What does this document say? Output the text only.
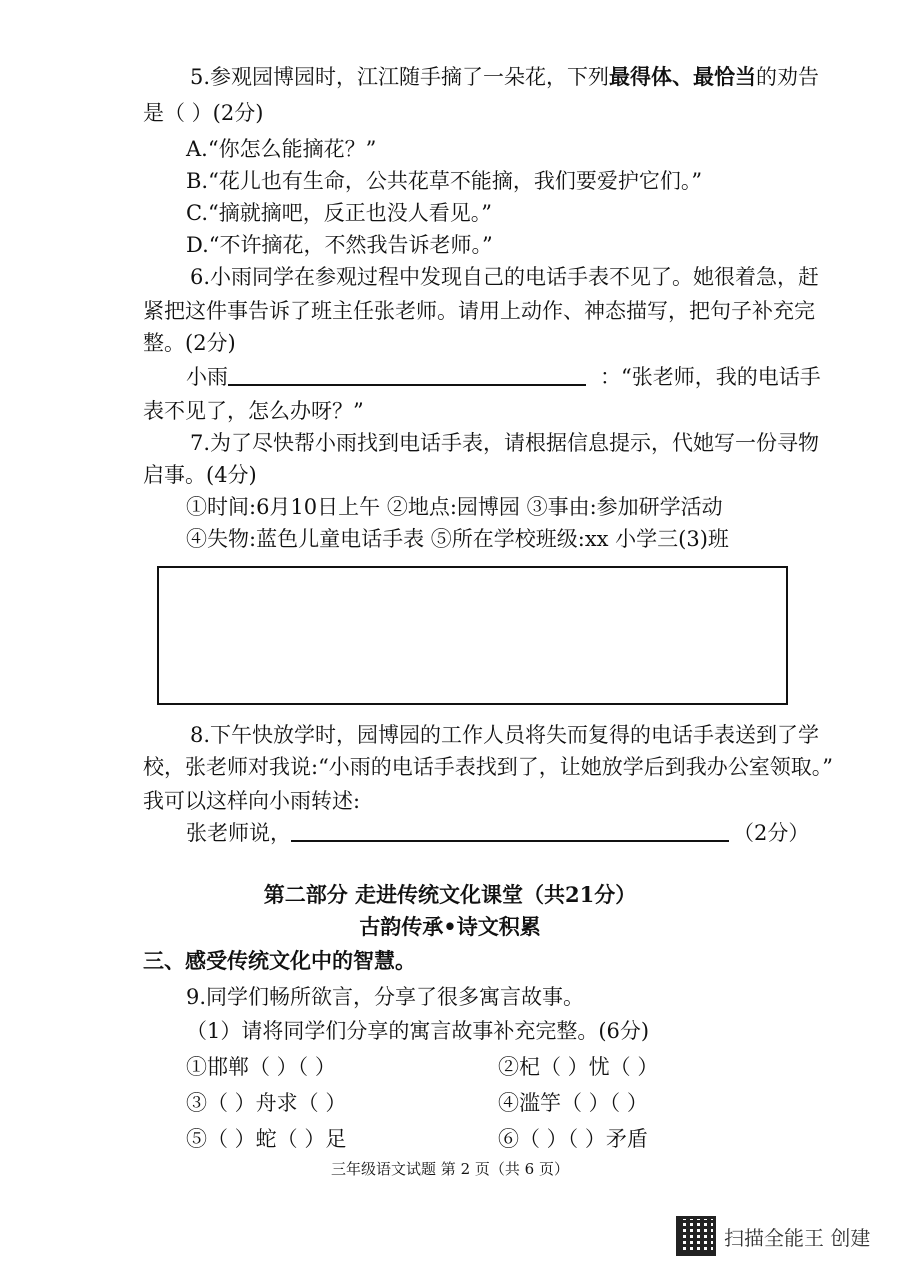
5.参观园博园时，江江随手摘了一朵花，下列最得体、最恰当的劝告
是（ ）(2分)
A.“你怎么能摘花？”
B.“花儿也有生命，公共花草不能摘，我们要爱护它们。”
C.“摘就摘吧，反正也没人看见。”
D.“不许摘花，不然我告诉老师。”
6.小雨同学在参观过程中发现自己的电话手表不见了。她很着急，赶
紧把这件事告诉了班主任张老师。请用上动作、神态描写，把句子补充完
整。(2分)
小雨	：“张老师，我的电话手
表不见了，怎么办呀？”
7.为了尽快帮小雨找到电话手表，请根据信息提示，代她写一份寻物
启事。(4分)
①时间:6月10日上午 ②地点:园博园 ③事由:参加研学活动
④失物:蓝色儿童电话手表 ⑤所在学校班级:xx 小学三(3)班
8.下午快放学时，园博园的工作人员将失而复得的电话手表送到了学
校，张老师对我说:“小雨的电话手表找到了，让她放学后到我办公室领取。”
我可以这样向小雨转述:
张老师说，	（2分）
第二部分 走进传统文化课堂（共21分）
古韵传承•诗文积累
三、感受传统文化中的智慧。
9.同学们畅所欲言，分享了很多寓言故事。
（1）请将同学们分享的寓言故事补充完整。(6分)
①邯郸（ ）（ ）	②杞（ ）忧（ ）
③（ ）舟求（ ）	④滥竽（ ）（ ）
⑤（ ）蛇（ ）足	⑥（ ）（ ）矛盾
三年级语文试题 第 2 页（共 6 页）
扫描全能王 创建
